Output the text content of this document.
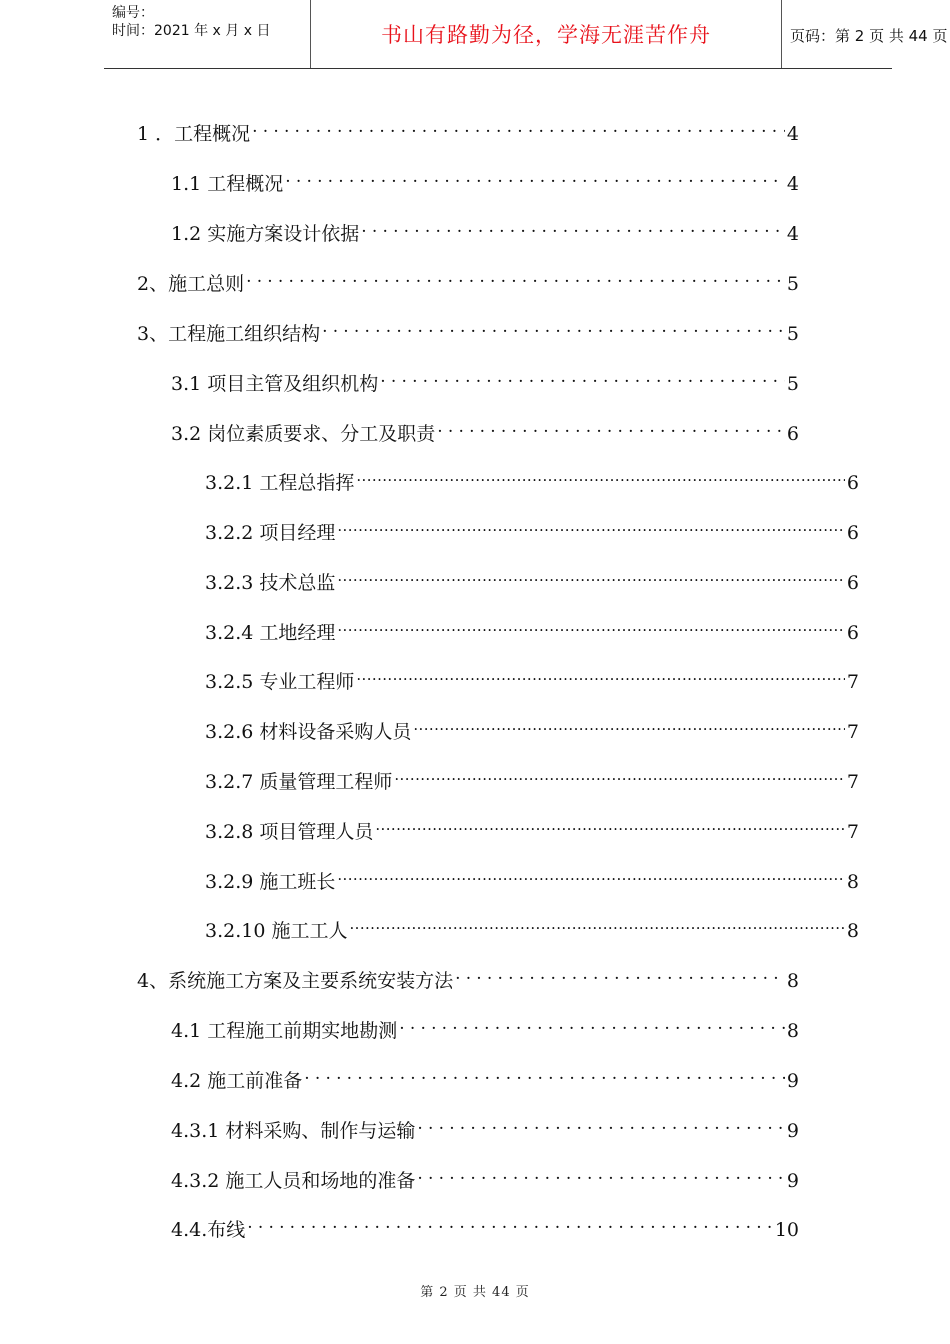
编号：
时间：2021 年 x 月 x 日	书山有路勤为径，学海无涯苦作舟	页码：第 2 页 共 44 页
1 ．工程概况 .....	4
1.1 工程概况 .....	4
1.2 实施方案设计依据 .....	4
2、施工总则 .....	5
3、工程施工组织结构 .....	5
3.1 项目主管及组织机构 .....	5
3.2 岗位素质要求、分工及职责 .....	6
3.2.1 工程总指挥 .....	6
3.2.2 项目经理 .....	6
3.2.3 技术总监 .....	6
3.2.4 工地经理 .....	6
3.2.5 专业工程师 .....	7
3.2.6 材料设备采购人员 .....	7
3.2.7 质量管理工程师 .....	7
3.2.8 项目管理人员 .....	7
3.2.9 施工班长 .....	8
3.2.10 施工工人 .....	8
4、系统施工方案及主要系统安装方法 .....	8
4.1 工程施工前期实地勘测 .....	8
4.2 施工前准备 .....	9
4.3.1 材料采购、制作与运输 .....	9
4.3.2 施工人员和场地的准备 .....	9
4.4.布线 .....	10
第 2 页 共 44 页
